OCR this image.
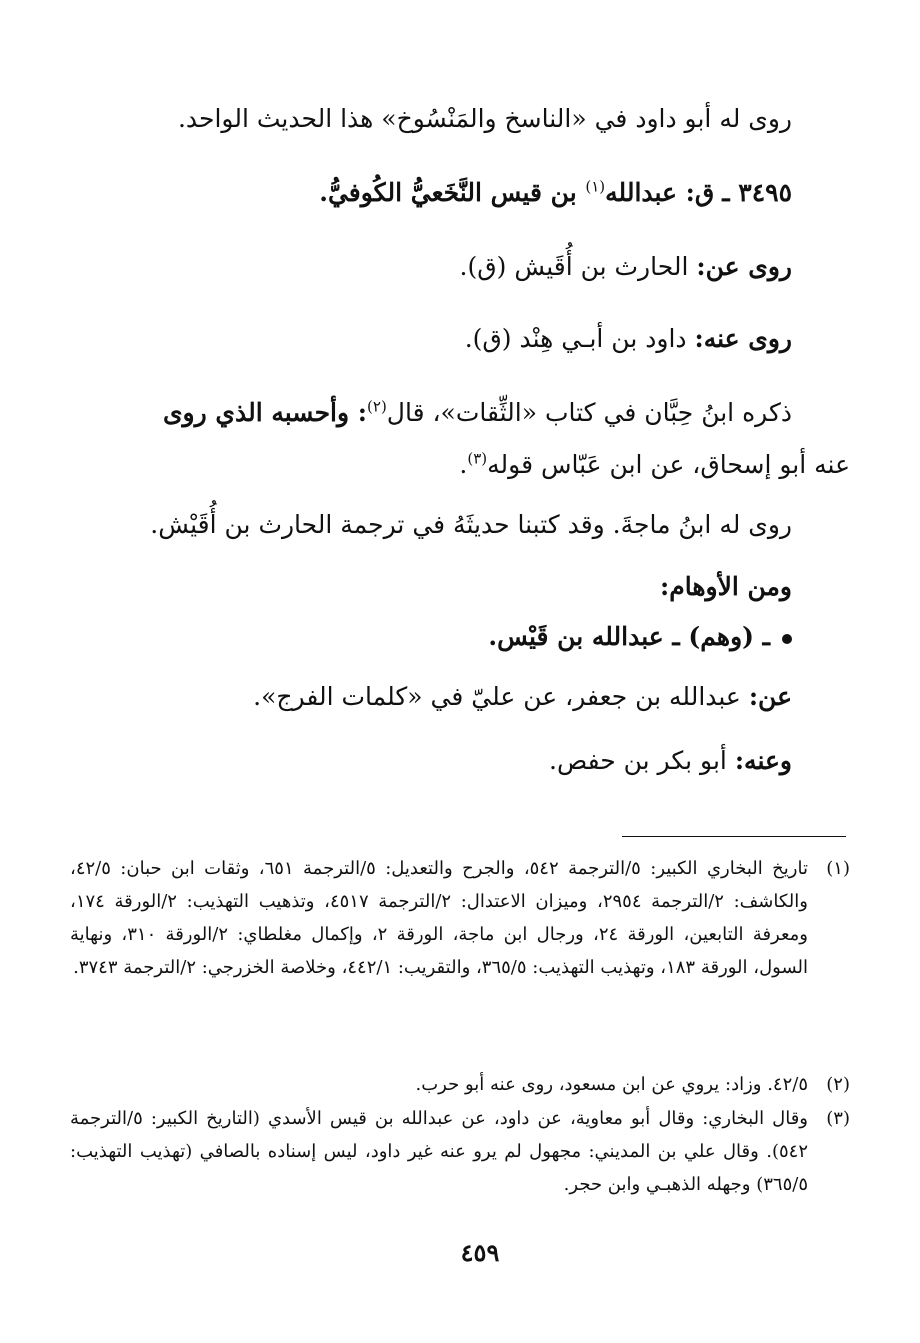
روى له أبو داود في «الناسخ والمَنْسُوخ» هذا الحديث الواحد.
٣٤٩٥ ـ ق: عبدالله$^{(١)}$ بن قيس النَّخَعيُّ الكُوفيُّ.
روى عن: الحارث بن أُقَيش (ق).
روى عنه: داود بن أبـي هِنْد (ق).
ذكره ابنُ حِبَّان في كتاب «الثِّقات»، قال$^{(٢)}$: وأحسبه الذي روى
عنه أبو إسحاق، عن ابن عَبّاس قوله$^{(٣)}$.
روى له ابنُ ماجةَ. وقد كتبنا حديثَهُ في ترجمة الحارث بن أُقَيْش.
ومن الأوهام:
ـ (وهم) ـ عبدالله بن قَيْس.
عن: عبدالله بن جعفر، عن عليّ في «كلمات الفرج».
وعنه: أبو بكر بن حفص.
(١)
تاريخ البخاري الكبير: ٥/الترجمة ٥٤٢، والجرح والتعديل: ٥/الترجمة ٦٥١، وثقات ابن حبان: ٤٢/٥، والكاشف: ٢/الترجمة ٢٩٥٤، وميزان الاعتدال: ٢/الترجمة ٤٥١٧، وتذهيب التهذيب: ٢/الورقة ١٧٤، ومعرفة التابعين، الورقة ٢٤، ورجال ابن ماجة، الورقة ٢، وإكمال مغلطاي: ٢/الورقة ٣١٠، ونهاية السول، الورقة ١٨٣، وتهذيب التهذيب: ٣٦٥/٥، والتقريب: ٤٤٢/١، وخلاصة الخزرجي: ٢/الترجمة ٣٧٤٣.
(٢)
٤٢/٥. وزاد: يروي عن ابن مسعود، روى عنه أبو حرب.
(٣)
وقال البخاري: وقال أبو معاوية، عن داود، عن عبدالله بن قيس الأسدي (التاريخ الكبير: ٥/الترجمة ٥٤٢). وقال علي بن المديني: مجهول لم يرو عنه غير داود، ليس إسناده بالصافي (تهذيب التهذيب: ٣٦٥/٥) وجهله الذهبـي وابن حجر.
٤٥٩
